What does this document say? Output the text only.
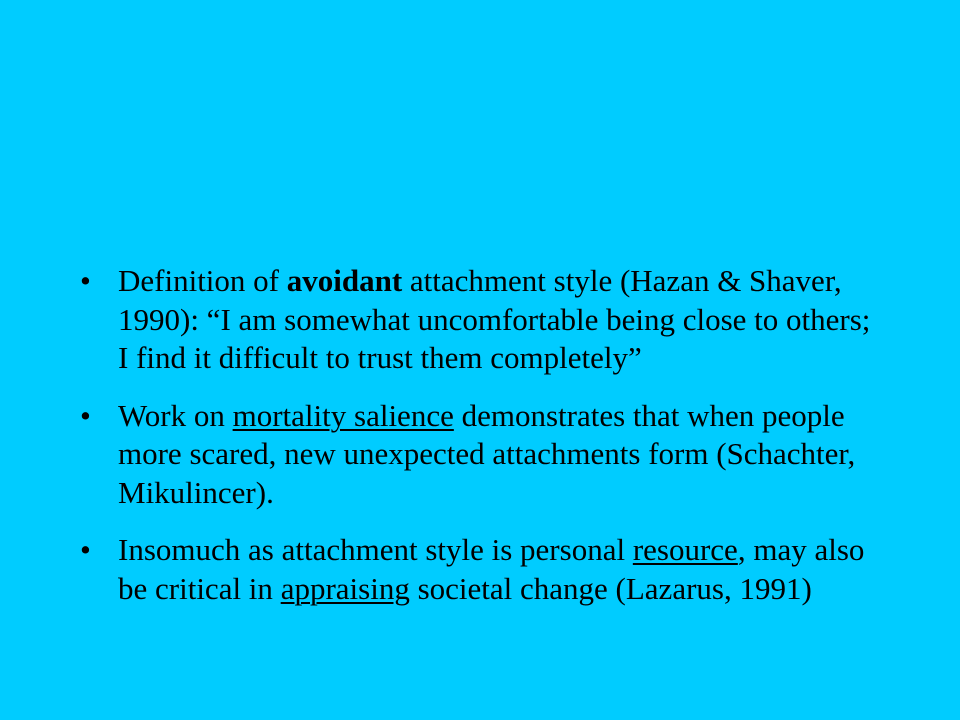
• Definition of avoidant attachment style (Hazan & Shaver, 1990): “I am somewhat uncomfortable being close to others; I find it difficult to trust them completely”
• Work on mortality salience demonstrates that when people more scared, new unexpected attachments form (Schachter, Mikulincer).
• Insomuch as attachment style is personal resource, may also be critical in appraising societal change (Lazarus, 1991)
